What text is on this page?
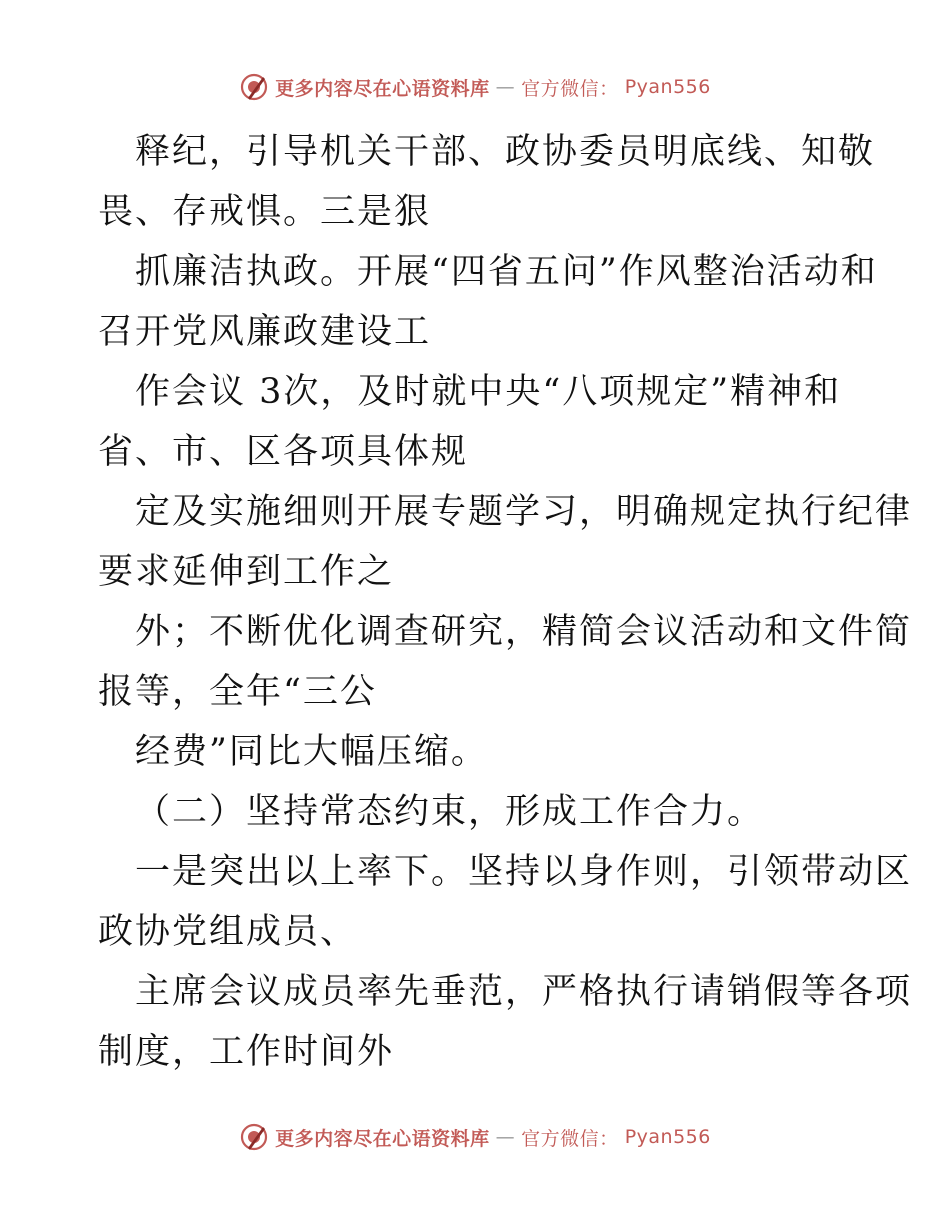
更多内容尽在心语资料库 — 官方微信： Pyan556
释纪，引导机关干部、政协委员明底线、知敬
畏、存戒惧。三是狠
抓廉洁执政。开展“四省五问”作风整治活动和
召开党风廉政建设工
作会议 3次，及时就中央“八项规定”精神和
省、市、区各项具体规
定及实施细则开展专题学习，明确规定执行纪律
要求延伸到工作之
外；不断优化调查研究，精简会议活动和文件简
报等，全年“三公
经费”同比大幅压缩。
（二）坚持常态约束，形成工作合力。
一是突出以上率下。坚持以身作则，引领带动区
政协党组成员、
主席会议成员率先垂范，严格执行请销假等各项
制度，工作时间外
更多内容尽在心语资料库 — 官方微信： Pyan556
